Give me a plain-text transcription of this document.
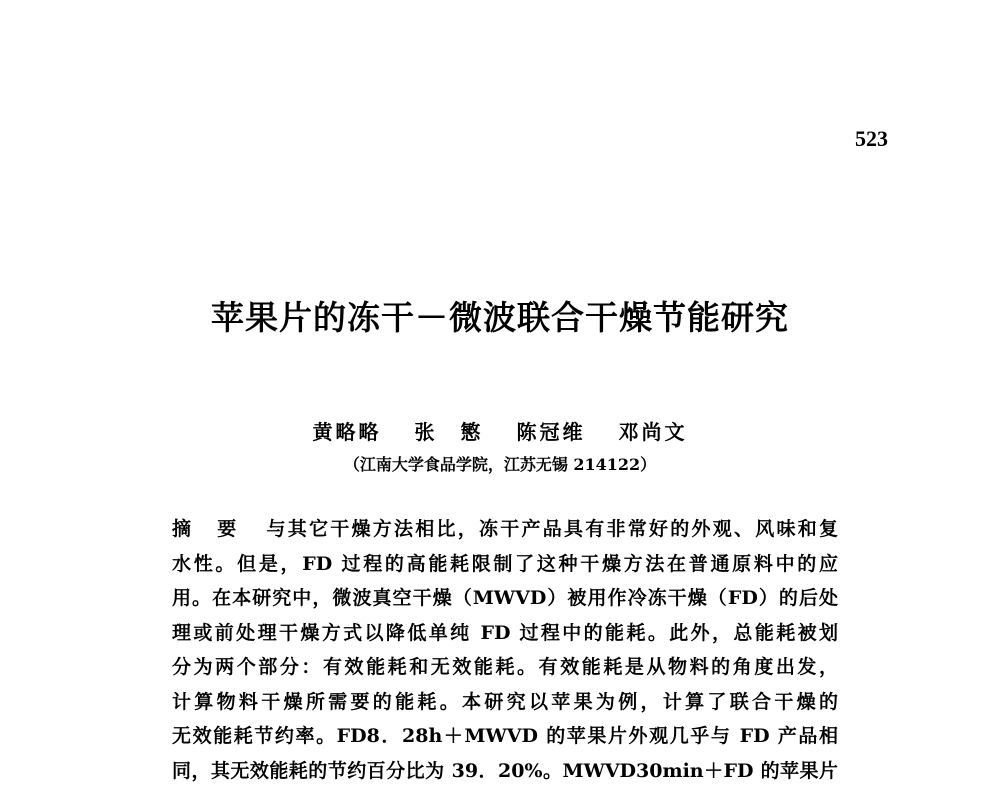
523
苹果片的冻干－微波联合干燥节能研究
黄略略 张　慜 陈冠维 邓尚文
（江南大学食品学院，江苏无锡 214122）
摘要 与其它干燥方法相比，冻干产品具有非常好的外观、风味和复
水性。但是，FD 过程的高能耗限制了这种干燥方法在普通原料中的应
用。在本研究中，微波真空干燥（MWVD）被用作冷冻干燥（FD）的后处
理或前处理干燥方式以降低单纯 FD 过程中的能耗。此外，总能耗被划
分为两个部分：有效能耗和无效能耗。有效能耗是从物料的角度出发，
计算物料干燥所需要的能耗。本研究以苹果为例，计算了联合干燥的
无效能耗节约率。FD8．28h＋MWVD 的苹果片外观几乎与 FD 产品相
同，其无效能耗的节约百分比为 39．20%。MWVD30min＋FD 的苹果片
